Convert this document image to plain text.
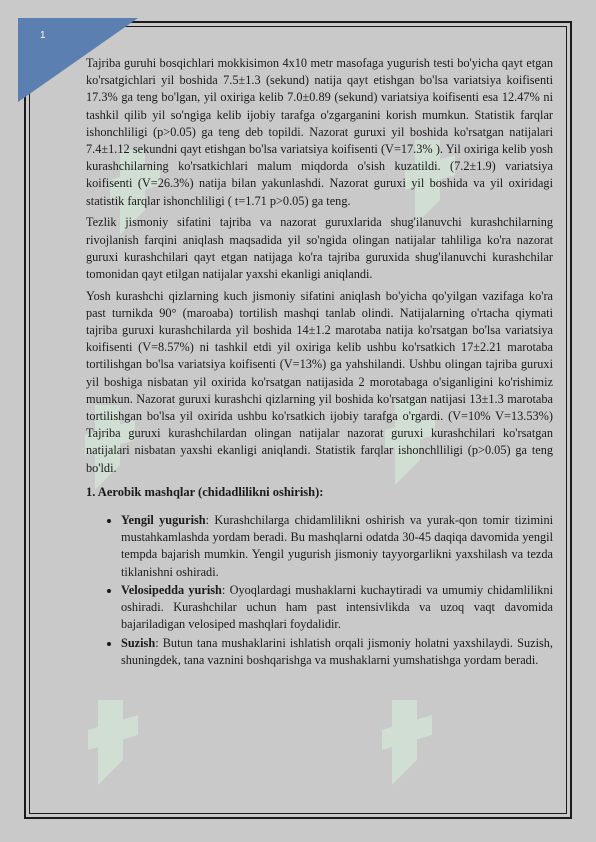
1

Tajriba guruhi bosqichlari mokkisimon 4x10 metr masofaga yugurish testi bo'yicha qayt etgan ko'rsatgichlari yil boshida 7.5±1.3 (sekund) natija qayt etishgan bo'lsa variatsiya koifisenti 17.3% ga teng bo'lgan, yil oxiriga kelib 7.0±0.89 (sekund) variatsiya koifisenti esa 12.47% ni tashkil qilib yil so'ngiga kelib ijobiy tarafga o'zgarganini korish mumkun. Statistik farqlar ishonchliligi (p>0.05) ga teng deb topildi. Nazorat guruxi yil boshida ko'rsatgan natijalari 7.4±1.12 sekundni qayt etishgan bo'lsa variatsiya koifisenti (V=17.3% ). Yil oxiriga kelib yosh kurashchilarning ko'rsatkichlari malum miqdorda o'sish kuzatildi. (7.2±1.9) variatsiya koifisenti (V=26.3%) natija bilan yakunlashdi. Nazorat guruxi yil boshida va yil oxiridagi statistik farqlar ishonchliligi ( t=1.71 p>0.05) ga teng.

Tezlik jismoniy sifatini tajriba va nazorat guruxlarida shug'ilanuvchi kurashchilarning rivojlanish farqini aniqlash maqsadida yil so'ngida olingan natijalar tahliliga ko'ra nazorat guruxi kurashchilari qayt etgan natijaga ko'ra tajriba guruxida shug'ilanuvchi kurashchilar tomonidan qayt etilgan natijalar yaxshi ekanligi aniqlandi.

Yosh kurashchi qizlarning kuch jismoniy sifatini aniqlash bo'yicha qo'yilgan vazifaga ko'ra past turnikda 90° (maroaba) tortilish mashqi tanlab olindi. Natijalarning o'rtacha qiymati tajriba guruxi kurashchilarda yil boshida 14±1.2 marotaba natija ko'rsatgan bo'lsa variatsiya koifisenti (V=8.57%) ni tashkil etdi yil oxiriga kelib ushbu ko'rsatkich 17±2.21 marotaba tortilishgan bo'lsa variatsiya koifisenti (V=13%) ga yahshilandi. Ushbu olingan tajriba guruxi yil boshiga nisbatan yil oxirida ko'rsatgan natijasida 2 morotabaga o'siganligini ko'rishimiz mumkun. Nazorat guruxi kurashchi qizlarning yil boshida ko'rsatgan natijasi 13±1.3 marotaba tortilishgan bo'lsa yil oxirida ushbu ko'rsatkich ijobiy tarafga o'rgardi. (V=10% V=13.53%) Tajriba guruxi kurashchilardan olingan natijalar nazorat guruxi kurashchilari ko'rsatgan natijalari nisbatan yaxshi ekanligi aniqlandi. Statistik farqlar ishonchlliligi (p>0.05) ga teng bo'ldi.

1. Aerobik mashqlar (chidadlilikni oshirish):
• Yengil yugurish: Kurashchilarga chidamlilikni oshirish va yurak-qon tomir tizimini mustahkamlashda yordam beradi. Bu mashqlarni odatda 30-45 daqiqa davomida yengil tempda bajarish mumkin. Yengil yugurish jismoniy tayyorgarlikni yaxshilash va tezda tiklanishni oshiradi.
• Velosipedda yurish: Oyoqlardagi mushaklarni kuchaytiradi va umumiy chidamlilikni oshiradi. Kurashchilar uchun ham past intensivlikda va uzoq vaqt davomida bajariladigan velosiped mashqlari foydalidir.
• Suzish: Butun tana mushaklarini ishlatish orqali jismoniy holatni yaxshilaydi. Suzish, shuningdek, tana vaznini boshqarishga va mushaklarni yumshatishga yordam beradi.
